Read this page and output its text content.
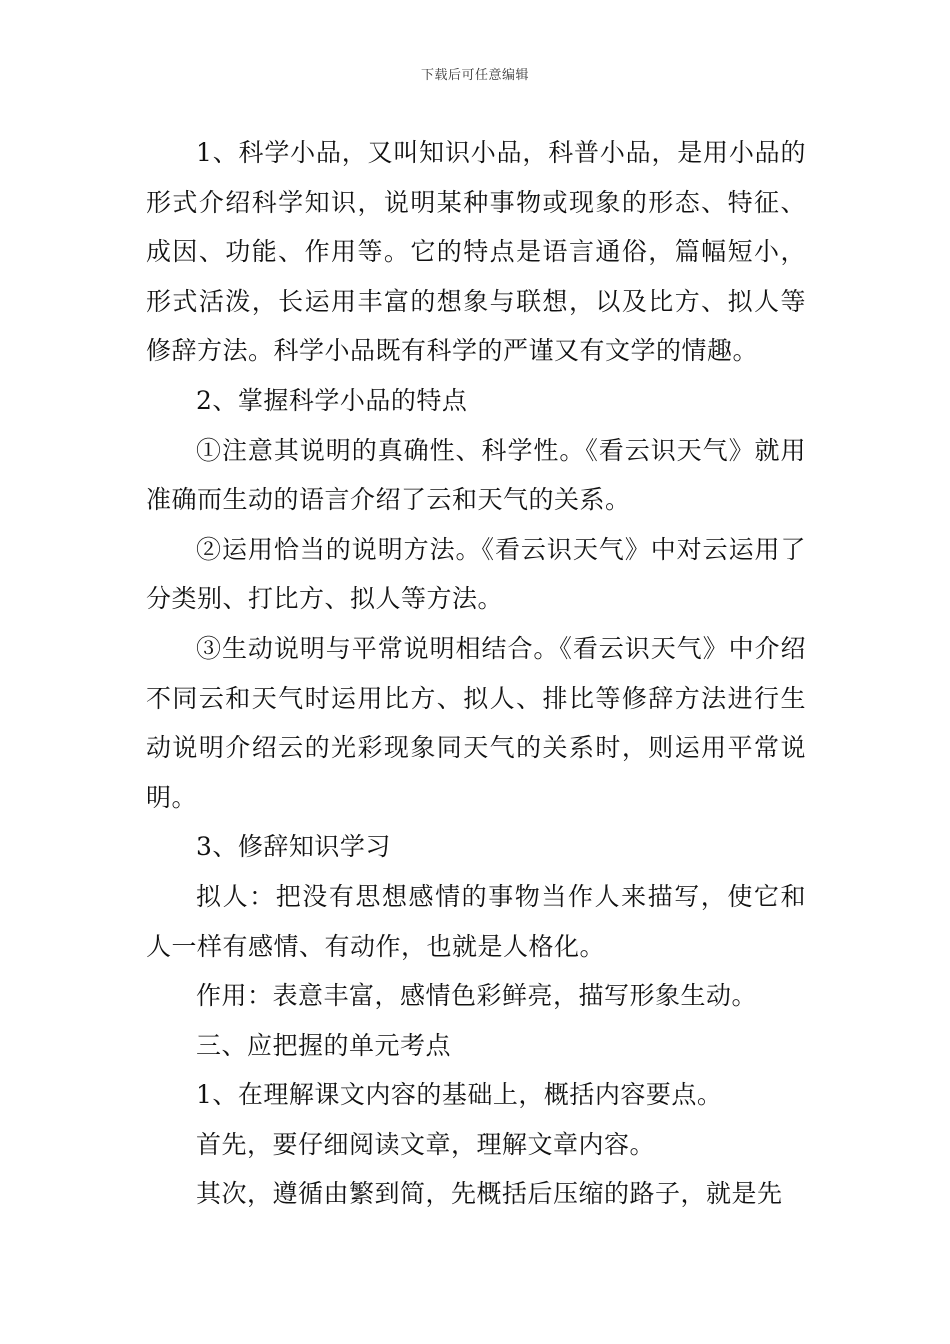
下载后可任意编辑

1、科学小品，又叫知识小品，科普小品，是用小品的形式介绍科学知识，说明某种事物或现象的形态、特征、成因、功能、作用等。它的特点是语言通俗，篇幅短小，形式活泼，长运用丰富的想象与联想，以及比方、拟人等修辞方法。科学小品既有科学的严谨又有文学的情趣。

2、掌握科学小品的特点

①注意其说明的真确性、科学性。《看云识天气》就用准确而生动的语言介绍了云和天气的关系。

②运用恰当的说明方法。《看云识天气》中对云运用了分类别、打比方、拟人等方法。

③生动说明与平常说明相结合。《看云识天气》中介绍不同云和天气时运用比方、拟人、排比等修辞方法进行生动说明介绍云的光彩现象同天气的关系时，则运用平常说明。

3、修辞知识学习

拟人：把没有思想感情的事物当作人来描写，使它和人一样有感情、有动作，也就是人格化。

作用：表意丰富，感情色彩鲜亮，描写形象生动。

三、应把握的单元考点

1、在理解课文内容的基础上，概括内容要点。

首先，要仔细阅读文章，理解文章内容。

其次，遵循由繁到简，先概括后压缩的路子，就是先
